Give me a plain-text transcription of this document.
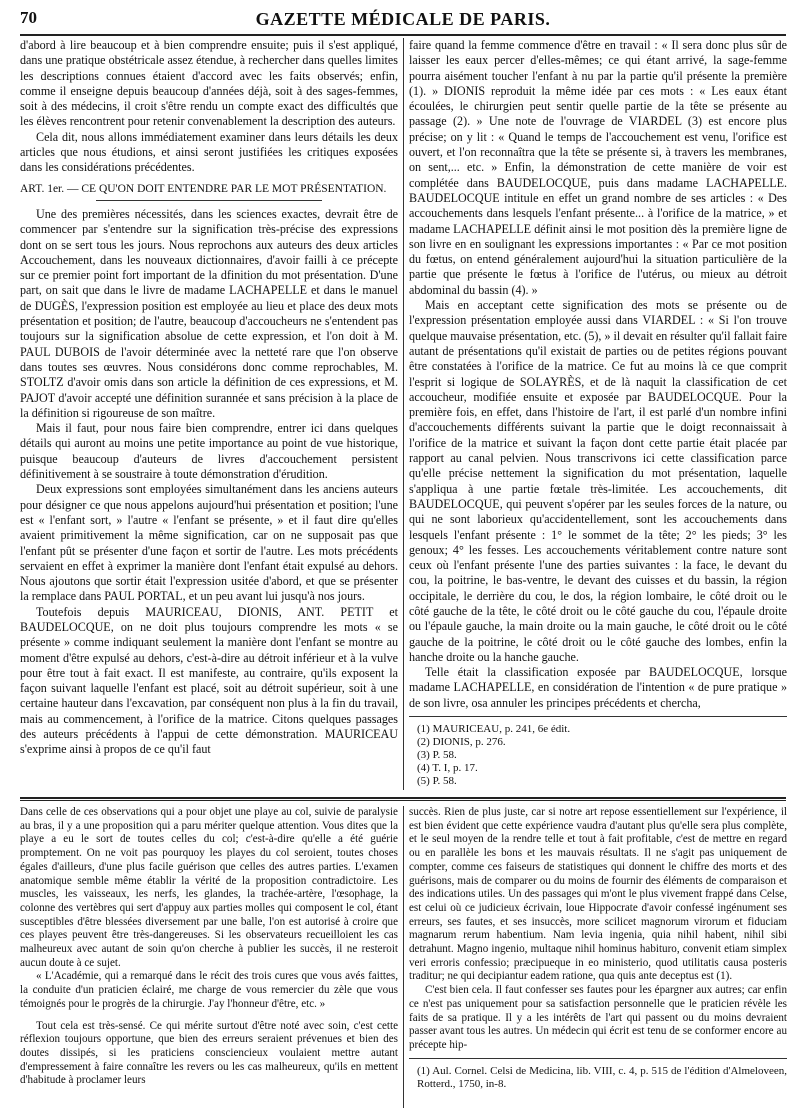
70	GAZETTE MÉDICALE DE PARIS.

d'abord à lire beaucoup et à bien comprendre ensuite; puis il s'est appliqué, dans une pratique obstétricale assez étendue, à rechercher dans quelles limites les descriptions connues étaient d'accord avec les faits observés; enfin, comme il enseigne depuis beaucoup d'années déjà, soit à des sages-femmes, soit à des médecins, il croit s'être rendu un compte exact des difficultés que les élèves rencontrent pour retenir convenablement la description des auteurs.

Cela dit, nous allons immédiatement examiner dans leurs détails les deux articles que nous étudions, et ainsi seront justifiées les critiques exposées dans les considérations précédentes.

ART. 1er. — CE QU'ON DOIT ENTENDRE PAR LE MOT PRÉSENTATION.

Une des premières nécessités, dans les sciences exactes, devrait être de commencer par s'entendre sur la signification très-précise des expressions dont on se sert tous les jours. Nous reprochons aux auteurs des deux articles Accouchement, dans les nouveaux dictionnaires, d'avoir failli à ce précepte sur ce premier point fort important de la dfinition du mot présentation. D'une part, on sait que dans le livre de madame LACHAPELLE et dans le manuel de DUGÈS, l'expression position est employée au lieu et place des deux mots présentation et position; de l'autre, beaucoup d'accoucheurs ne s'entendent pas toujours sur la signification absolue de cette expression, et l'on doit à M. PAUL DUBOIS de l'avoir déterminée avec la netteté rare que l'on observe dans toutes ses œuvres. Nous considérons donc comme reprochables, M. STOLTZ d'avoir omis dans son article la définition de ces expressions, et M. PAJOT d'avoir accepté une définition surannée et sans précision à la place de la définition si rigoureuse de son maître.

Mais il faut, pour nous faire bien comprendre, entrer ici dans quelques détails qui auront au moins une petite importance au point de vue historique, puisque beaucoup d'auteurs de livres d'accouchement persistent définitivement à se soustraire à toute démonstration d'érudition.

Deux expressions sont employées simultanément dans les anciens auteurs pour désigner ce que nous appelons aujourd'hui présentation et position; l'une est « l'enfant sort, » l'autre « l'enfant se présente, » et il faut dire qu'elles avaient primitivement la même signification, car on ne supposait pas que l'enfant pût se présenter d'une façon et sortir de l'autre. Les mots précédents servaient en effet à exprimer la manière dont l'enfant était expulsé au dehors. Nous ajoutons que sortir était l'expression usitée d'abord, et que se présenter la remplace dans PAUL PORTAL, et un peu avant lui jusqu'à nos jours.

Toutefois depuis MAURICEAU, DIONIS, ANT. PETIT et BAUDELOCQUE, on ne doit plus toujours comprendre les mots « se présente » comme indiquant seulement la manière dont l'enfant se montre au moment d'être expulsé au dehors, c'est-à-dire au détroit inférieur et à la vulve pour être tout à fait exact. Il est manifeste, au contraire, qu'ils exposent la façon suivant laquelle l'enfant est placé, soit au détroit supérieur, soit à une certaine hauteur dans l'excavation, par conséquent non plus à la fin du travail, mais au commencement, à l'orifice de la matrice. Citons quelques passages des auteurs précédents à l'appui de cette démonstration. MAURICEAU s'exprime ainsi à propos de ce qu'il faut

faire quand la femme commence d'être en travail : « Il sera donc plus sûr de laisser les eaux percer d'elles-mêmes; ce qui étant arrivé, la sage-femme pourra aisément toucher l'enfant à nu par la partie qu'il présente la première (1). » DIONIS reproduit la même idée par ces mots : « Les eaux étant écoulées, le chirurgien peut sentir quelle partie de la tête se présente au passage (2). » Une note de l'ouvrage de VIARDEL (3) est encore plus précise; on y lit : « Quand le temps de l'accouchement est venu, l'orifice est ouvert, et l'on reconnaîtra que la tête se présente si, à travers les membranes, on sent,... etc. » Enfin, la démonstration de cette manière de voir est complétée dans BAUDELOCQUE, puis dans madame LACHAPELLE. BAUDELOCQUE intitule en effet un grand nombre de ses articles : « Des accouchements dans lesquels l'enfant présente... à l'orifice de la matrice, » et madame LACHAPELLE définit ainsi le mot position dès la première ligne de son livre en en soulignant les expressions importantes : « Par ce mot position du fœtus, on entend généralement aujourd'hui la situation particulière de la partie que présente le fœtus à l'orifice de l'utérus, ou mieux au détroit abdominal du bassin (4). »

Mais en acceptant cette signification des mots se présente ou de l'expression présentation employée aussi dans VIARDEL : « Si l'on trouve quelque mauvaise présentation, etc. (5), » il devait en résulter qu'il fallait faire autant de présentations qu'il existait de parties ou de petites régions pouvant être constatées à l'orifice de la matrice. Ce fut au moins là ce que comprit l'esprit si logique de SOLAYRÈS, et de là naquit la classification de cet accoucheur, modifiée ensuite et exposée par BAUDELOCQUE. Pour la première fois, en effet, dans l'histoire de l'art, il est parlé d'un nombre infini d'accouchements différents suivant la partie que le doigt reconnaissait à l'orifice de la matrice et suivant la façon dont cette partie était placée par rapport au canal pelvien. Nous transcrivons ici cette classification parce qu'elle précise nettement la signification du mot présentation, laquelle s'appliqua à une partie fœtale très-limitée. Les accouchements, dit BAUDELOCQUE, qui peuvent s'opérer par les seules forces de la nature, ou qui ne sont laborieux qu'accidentellement, sont les accouchements dans lesquels l'enfant présente : 1° le sommet de la tête; 2° les pieds; 3° les genoux; 4° les fesses. Les accouchements véritablement contre nature sont ceux où l'enfant présente l'une des parties suivantes : la face, le devant du cou, la poitrine, le bas-ventre, le devant des cuisses et du bassin, la région occipitale, le derrière du cou, le dos, la région lombaire, le côté droit ou le côté gauche de la tête, le côté droit ou le côté gauche du cou, l'épaule droite ou l'épaule gauche, la main droite ou la main gauche, le côté droit ou le côté gauche de la poitrine, le côté droit ou le côté gauche des lombes, enfin la hanche droite ou la hanche gauche.

Telle était la classification exposée par BAUDELOCQUE, lorsque madame LACHAPELLE, en considération de l'intention « de pure pratique » de son livre, osa annuler les principes précédents et chercha,

(1) MAURICEAU, p. 241, 6e édit.

(2) DIONIS, p. 276.

(3) P. 58.

(4) T. I, p. 17.

(5) P. 58.

Dans celle de ces observations qui a pour objet une playe au col, suivie de paralysie au bras, il y a une proposition qui a paru mériter quelque attention. Vous dites que la playe a eu le sort de toutes celles du col; c'est-à-dire qu'elle a été guérie promptement. On ne voit pas pourquoy les playes du col seroient, toutes choses égales d'ailleurs, d'une plus facile guérison que celles des autres parties. L'examen anatomique semble même établir la vérité de la proposition contradictoire. Les muscles, les vaisseaux, les nerfs, les glandes, la trachée-artère, l'œsophage, la colonne des vertèbres qui sert d'appuy aux parties molles qui composent le col, étant susceptibles d'être blessées diversement par une balle, l'on est autorisé à croire que ces playes peuvent être très-dangereuses. Si les observateurs recueilloient les cas malheureux avec autant de soin qu'on cherche à publier les succès, il ne resteroit aucun doute à ce sujet.

« L'Académie, qui a remarqué dans le récit des trois cures que vous avés faittes, la conduite d'un praticien éclairé, me charge de vous remercier du zèle que vous témoignés pour le progrès de la chirurgie. J'ay l'honneur d'être, etc. »

Tout cela est très-sensé. Ce qui mérite surtout d'être noté avec soin, c'est cette réflexion toujours opportune, que bien des erreurs seraient prévenues et bien des doutes dissipés, si les praticiens consciencieux voulaient mettre autant d'empressement à faire connaître les revers ou les cas malheureux, qu'ils en mettent d'habitude à proclamer leurs

succès. Rien de plus juste, car si notre art repose essentiellement sur l'expérience, il est bien évident que cette expérience vaudra d'autant plus qu'elle sera plus complète, et le seul moyen de la rendre telle et tout à fait profitable, c'est de mettre en regard ou en parallèle les bons et les mauvais résultats. Il ne s'agit pas uniquement de compter, comme ces faiseurs de statistiques qui donnent le chiffre des morts et des guérisons, mais de comparer ou du moins de fournir des éléments de comparaison et des indications utiles. Un des passages qui m'ont le plus vivement frappé dans Celse, est celui où ce judicieux écrivain, loue Hippocrate d'avoir confessé ingénument ses erreurs, ses fautes, et ses insuccès, more scilicet magnorum virorum et fiduciam magnarum rerum habentium. Nam levia ingenia, quia nihil habent, nihil sibi detrahunt. Magno ingenio, multaque nihil hominus habituro, convenit etiam simplex veri erroris confessio; præcipueque in eo ministerio, quod utilitatis causa posteris traditur; ne qui decipiantur eadem ratione, qua quis ante deceptus est (1).

C'est bien cela. Il faut confesser ses fautes pour les épargner aux autres; car enfin ce n'est pas uniquement pour sa satisfaction personnelle que le praticien révèle les faits de sa pratique. Il y a les intérêts de l'art qui passent ou du moins devraient passer avant tous les autres. Un médecin qui écrit est tenu de se conformer encore au précepte hip-

(1) Aul. Cornel. Celsi de Medicina, lib. VIII, c. 4, p. 515 de l'édition d'Almeloveen, Rotterd., 1750, in-8.
